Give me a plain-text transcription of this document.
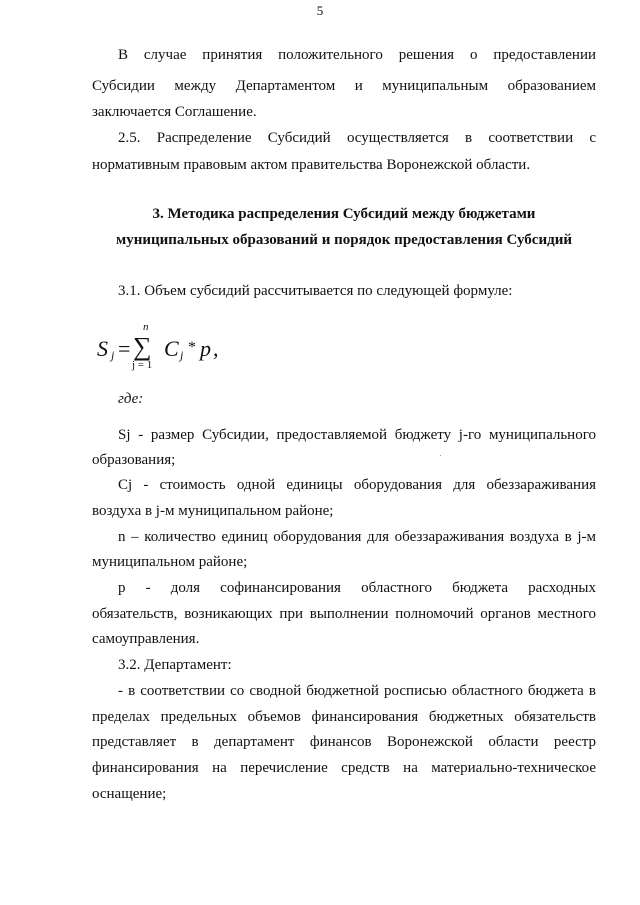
5
В случае принятия положительного решения о предоставлении
Субсидии между Департаментом и муниципальным образованием
заключается Соглашение.
2.5. Распределение Субсидий осуществляется в соответствии с
нормативным правовым актом правительства Воронежской области.
3. Методика распределения Субсидий между бюджетами
муниципальных образований и порядок предоставления Субсидий
3.1. Объем субсидий рассчитывается по следующей формуле:
S j = ∑
n
j = 1
C j * p ,
где:
Sj - размер Субсидии, предоставляемой бюджету j-го муниципального
образования;
Cj - стоимость одной единицы оборудования для обеззараживания
воздуха в j-м муниципальном районе;
n – количество единиц оборудования для обеззараживания воздуха в j-м
муниципальном районе;
p - доля софинансирования областного бюджета расходных
обязательств, возникающих при выполнении полномочий органов местного
самоуправления.
3.2. Департамент:
- в соответствии со сводной бюджетной росписью областного бюджета в
пределах предельных объемов финансирования бюджетных обязательств
представляет в департамент финансов Воронежской области реестр
финансирования на перечисление средств на материально-техническое
оснащение;
